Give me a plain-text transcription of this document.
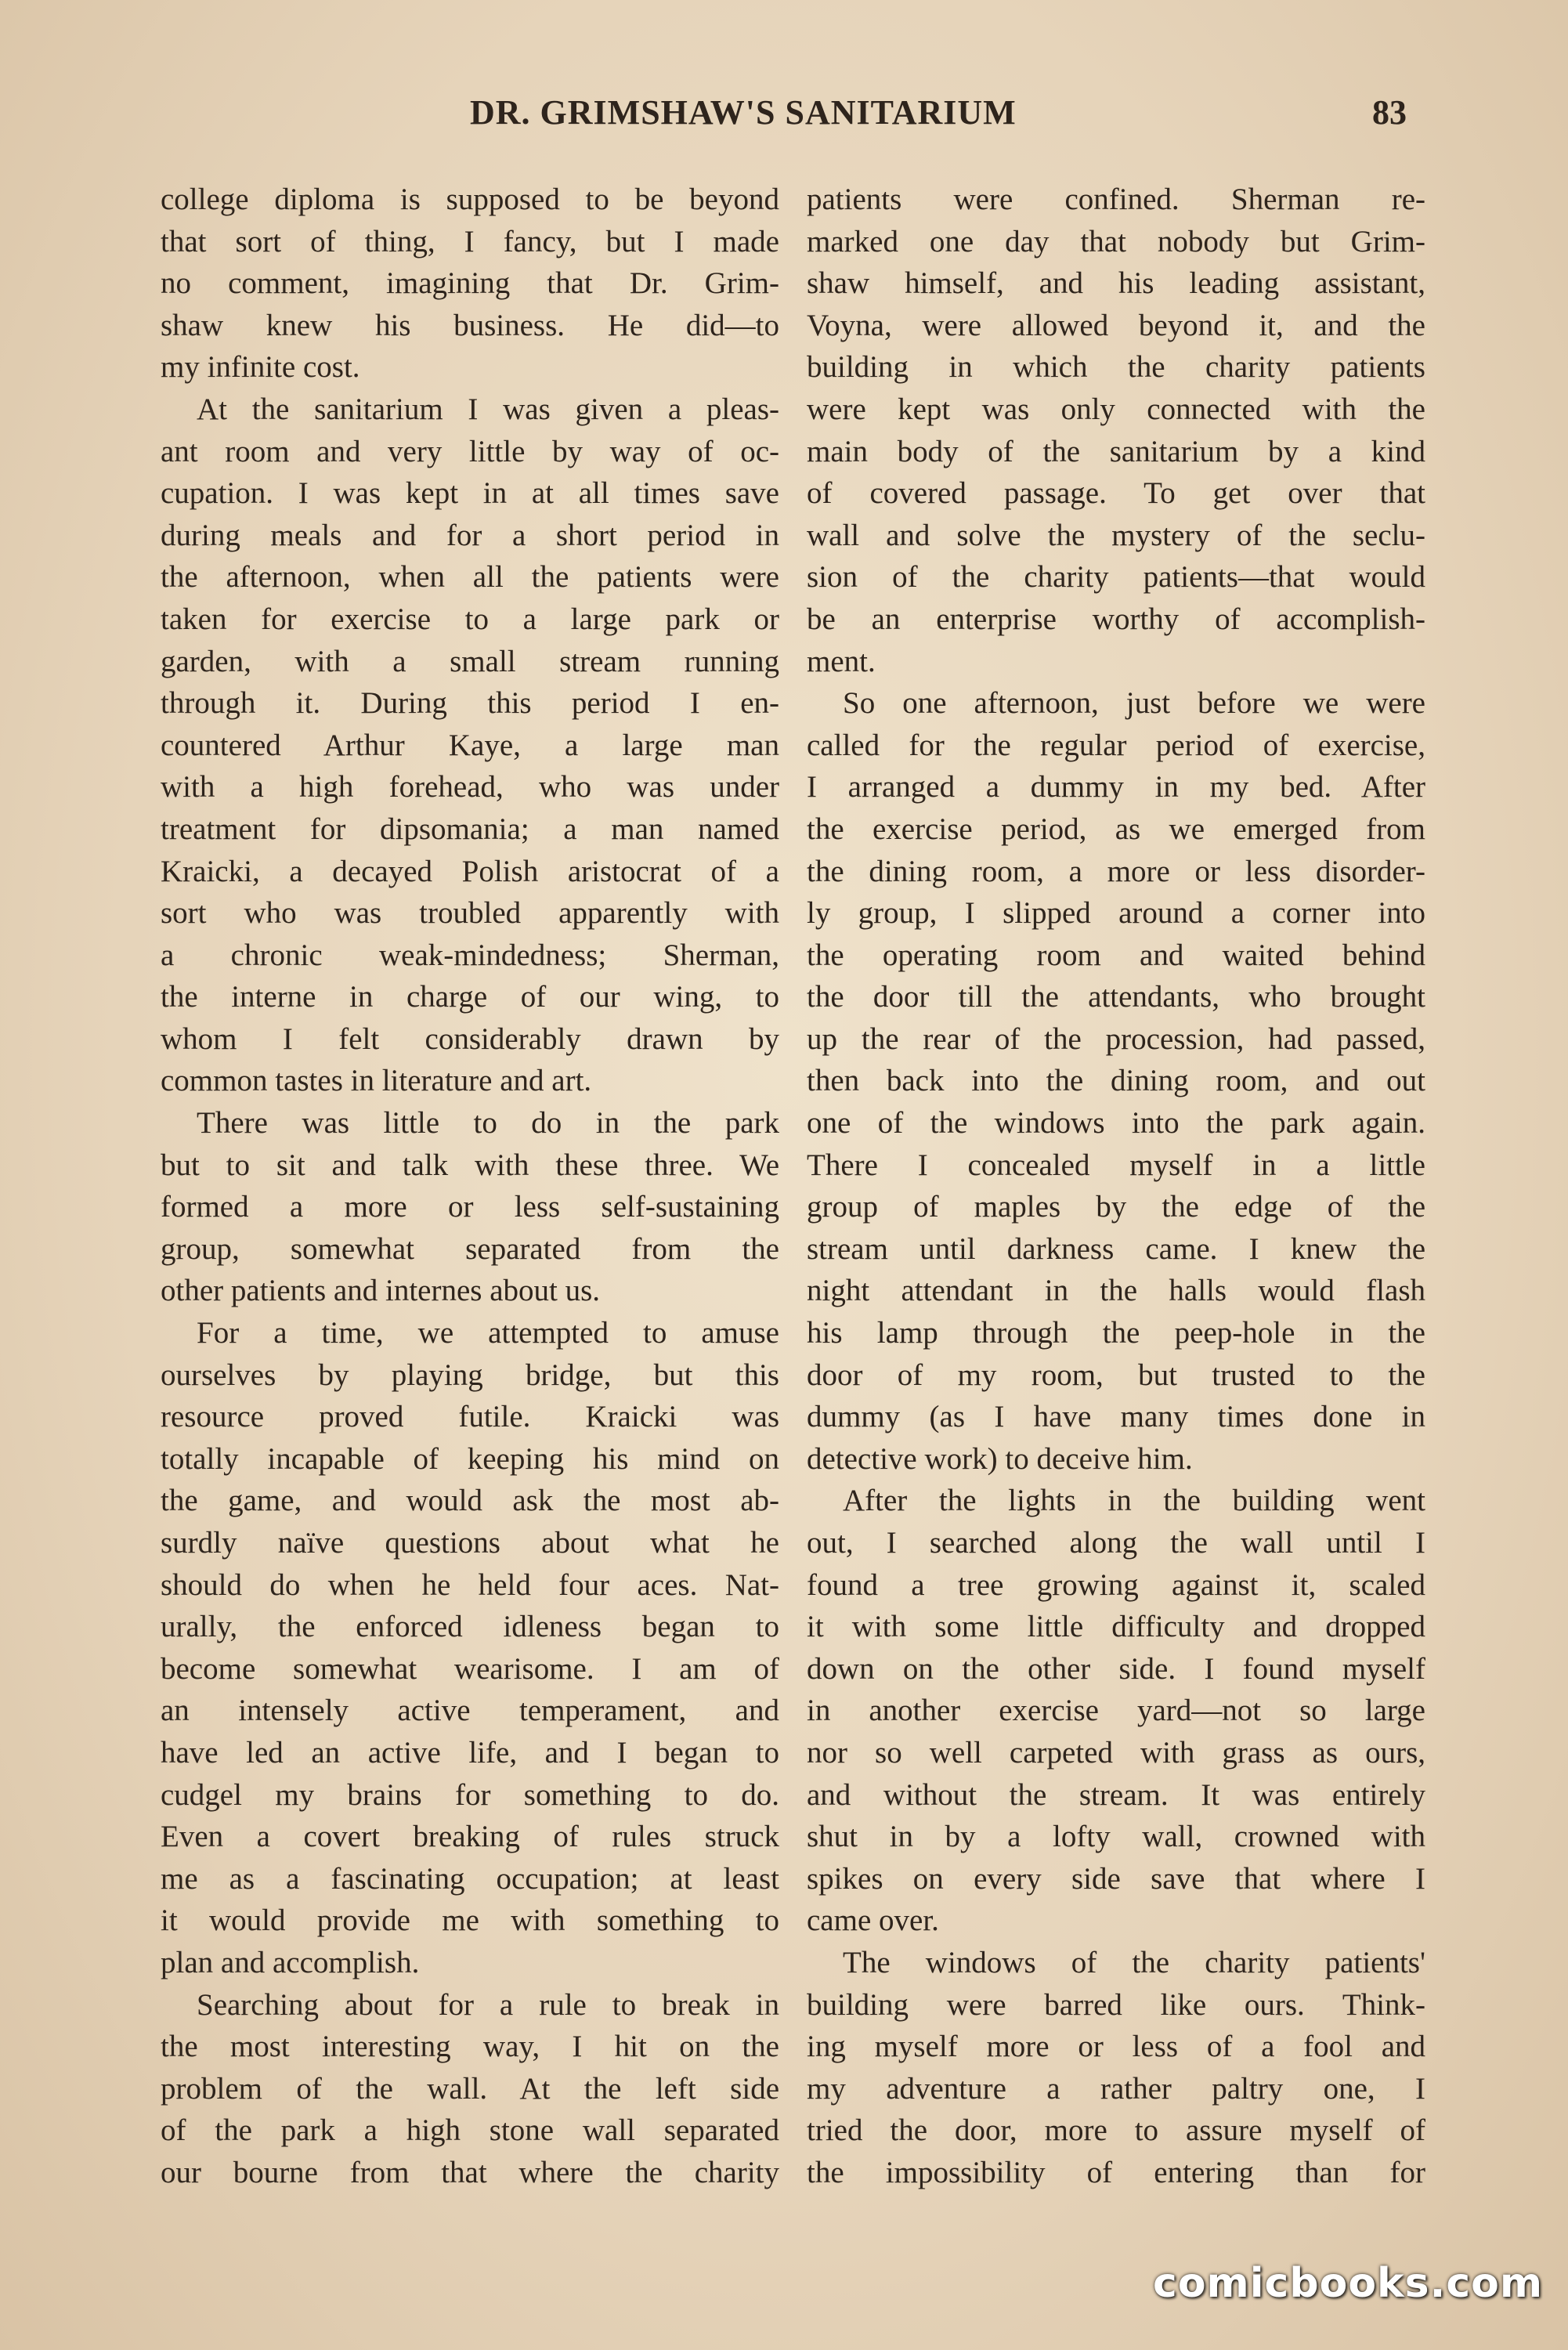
DR. GRIMSHAW'S SANITARIUM	83
college diploma is supposed to be beyond
that sort of thing, I fancy, but I made
no comment, imagining that Dr. Grim-
shaw knew his business. He did—to
my infinite cost.
At the sanitarium I was given a pleas-
ant room and very little by way of oc-
cupation. I was kept in at all times save
during meals and for a short period in
the afternoon, when all the patients were
taken for exercise to a large park or
garden, with a small stream running
through it. During this period I en-
countered Arthur Kaye, a large man
with a high forehead, who was under
treatment for dipsomania; a man named
Kraicki, a decayed Polish aristocrat of a
sort who was troubled apparently with
a chronic weak-mindedness; Sherman,
the interne in charge of our wing, to
whom I felt considerably drawn by
common tastes in literature and art.
There was little to do in the park
but to sit and talk with these three. We
formed a more or less self-sustaining
group, somewhat separated from the
other patients and internes about us.
For a time, we attempted to amuse
ourselves by playing bridge, but this
resource proved futile. Kraicki was
totally incapable of keeping his mind on
the game, and would ask the most ab-
surdly naïve questions about what he
should do when he held four aces. Nat-
urally, the enforced idleness began to
become somewhat wearisome. I am of
an intensely active temperament, and
have led an active life, and I began to
cudgel my brains for something to do.
Even a covert breaking of rules struck
me as a fascinating occupation; at least
it would provide me with something to
plan and accomplish.
Searching about for a rule to break in
the most interesting way, I hit on the
problem of the wall. At the left side
of the park a high stone wall separated
our bourne from that where the charity
patients were confined. Sherman re-
marked one day that nobody but Grim-
shaw himself, and his leading assistant,
Voyna, were allowed beyond it, and the
building in which the charity patients
were kept was only connected with the
main body of the sanitarium by a kind
of covered passage. To get over that
wall and solve the mystery of the seclu-
sion of the charity patients—that would
be an enterprise worthy of accomplish-
ment.
So one afternoon, just before we were
called for the regular period of exercise,
I arranged a dummy in my bed. After
the exercise period, as we emerged from
the dining room, a more or less disorder-
ly group, I slipped around a corner into
the operating room and waited behind
the door till the attendants, who brought
up the rear of the procession, had passed,
then back into the dining room, and out
one of the windows into the park again.
There I concealed myself in a little
group of maples by the edge of the
stream until darkness came. I knew the
night attendant in the halls would flash
his lamp through the peep-hole in the
door of my room, but trusted to the
dummy (as I have many times done in
detective work) to deceive him.
After the lights in the building went
out, I searched along the wall until I
found a tree growing against it, scaled
it with some little difficulty and dropped
down on the other side. I found myself
in another exercise yard—not so large
nor so well carpeted with grass as ours,
and without the stream. It was entirely
shut in by a lofty wall, crowned with
spikes on every side save that where I
came over.
The windows of the charity patients'
building were barred like ours. Think-
ing myself more or less of a fool and
my adventure a rather paltry one, I
tried the door, more to assure myself of
the impossibility of entering than for
comicbooks.com
